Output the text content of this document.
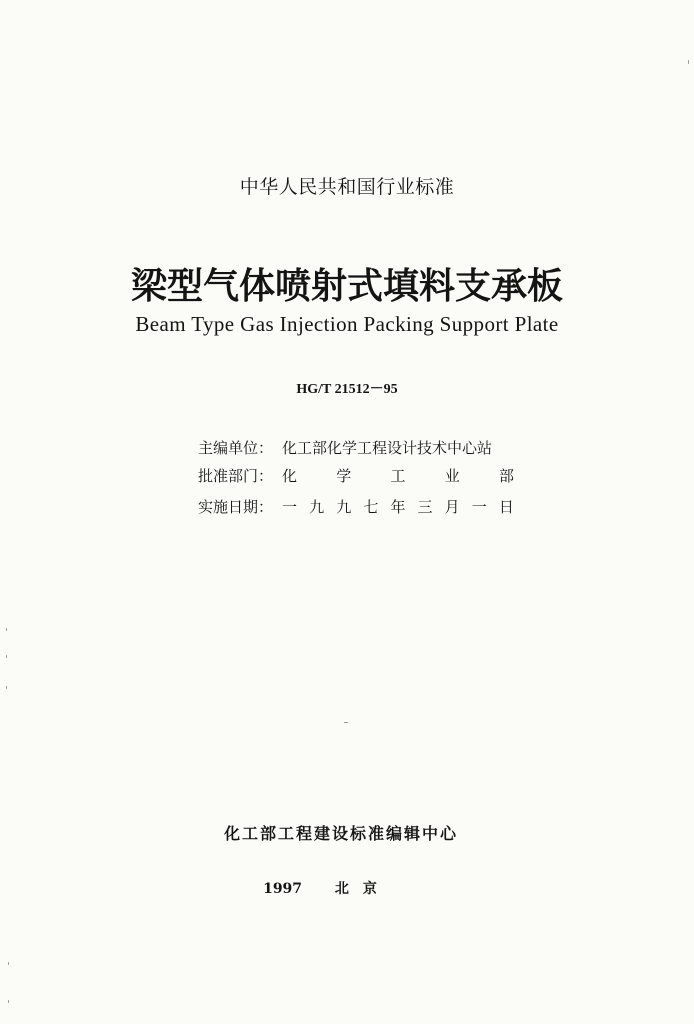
中华人民共和国行业标准
梁型气体喷射式填料支承板
Beam Type Gas Injection Packing Support Plate
HG/T 21512－95
主编单位： 化工部化学工程设计技术中心站
批准部门： 化	学	工	业	部
实施日期： 一 九 九 七 年 三 月 一 日
化工部工程建设标准编辑中心
1997 北京
